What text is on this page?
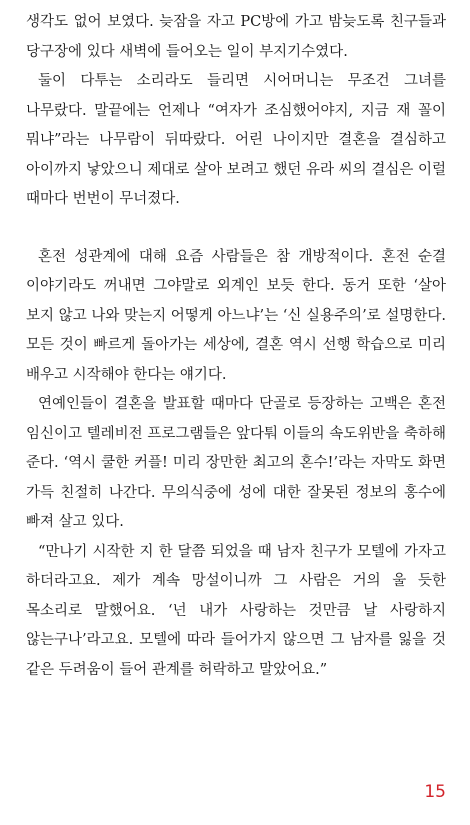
생각도 없어 보였다. 늦잠을 자고 PC방에 가고 밤늦도록 친구들과 당구장에 있다 새벽에 들어오는 일이 부지기수였다.

둘이 다투는 소리라도 들리면 시어머니는 무조건 그녀를 나무랐다. 말끝에는 언제나 “여자가 조심했어야지, 지금 재 꼴이 뭐냐”라는 나무람이 뒤따랐다. 어린 나이지만 결혼을 결심하고 아이까지 낳았으니 제대로 살아 보려고 했던 유라 씨의 결심은 이럴 때마다 번번이 무너졌다.

혼전 성관계에 대해 요즘 사람들은 참 개방적이다. 혼전 순결 이야기라도 꺼내면 그야말로 외계인 보듯 한다. 동거 또한 ‘살아 보지 않고 나와 맞는지 어떻게 아느냐’는 ‘신 실용주의’로 설명한다. 모든 것이 빠르게 돌아가는 세상에, 결혼 역시 선행 학습으로 미리 배우고 시작해야 한다는 얘기다.

연예인들이 결혼을 발표할 때마다 단골로 등장하는 고백은 혼전 임신이고 텔레비전 프로그램들은 앞다퉈 이들의 속도위반을 축하해 준다. ‘역시 쿨한 커플! 미리 장만한 최고의 혼수!’라는 자막도 화면 가득 친절히 나간다. 무의식중에 성에 대한 잘못된 정보의 홍수에 빠져 살고 있다.

“만나기 시작한 지 한 달쯤 되었을 때 남자 친구가 모텔에 가자고 하더라고요. 제가 계속 망설이니까 그 사람은 거의 울 듯한 목소리로 말했어요. ‘넌 내가 사랑하는 것만큼 날 사랑하지 않는구나’라고요. 모텔에 따라 들어가지 않으면 그 남자를 잃을 것 같은 두려움이 들어 관계를 허락하고 말았어요.”

15
